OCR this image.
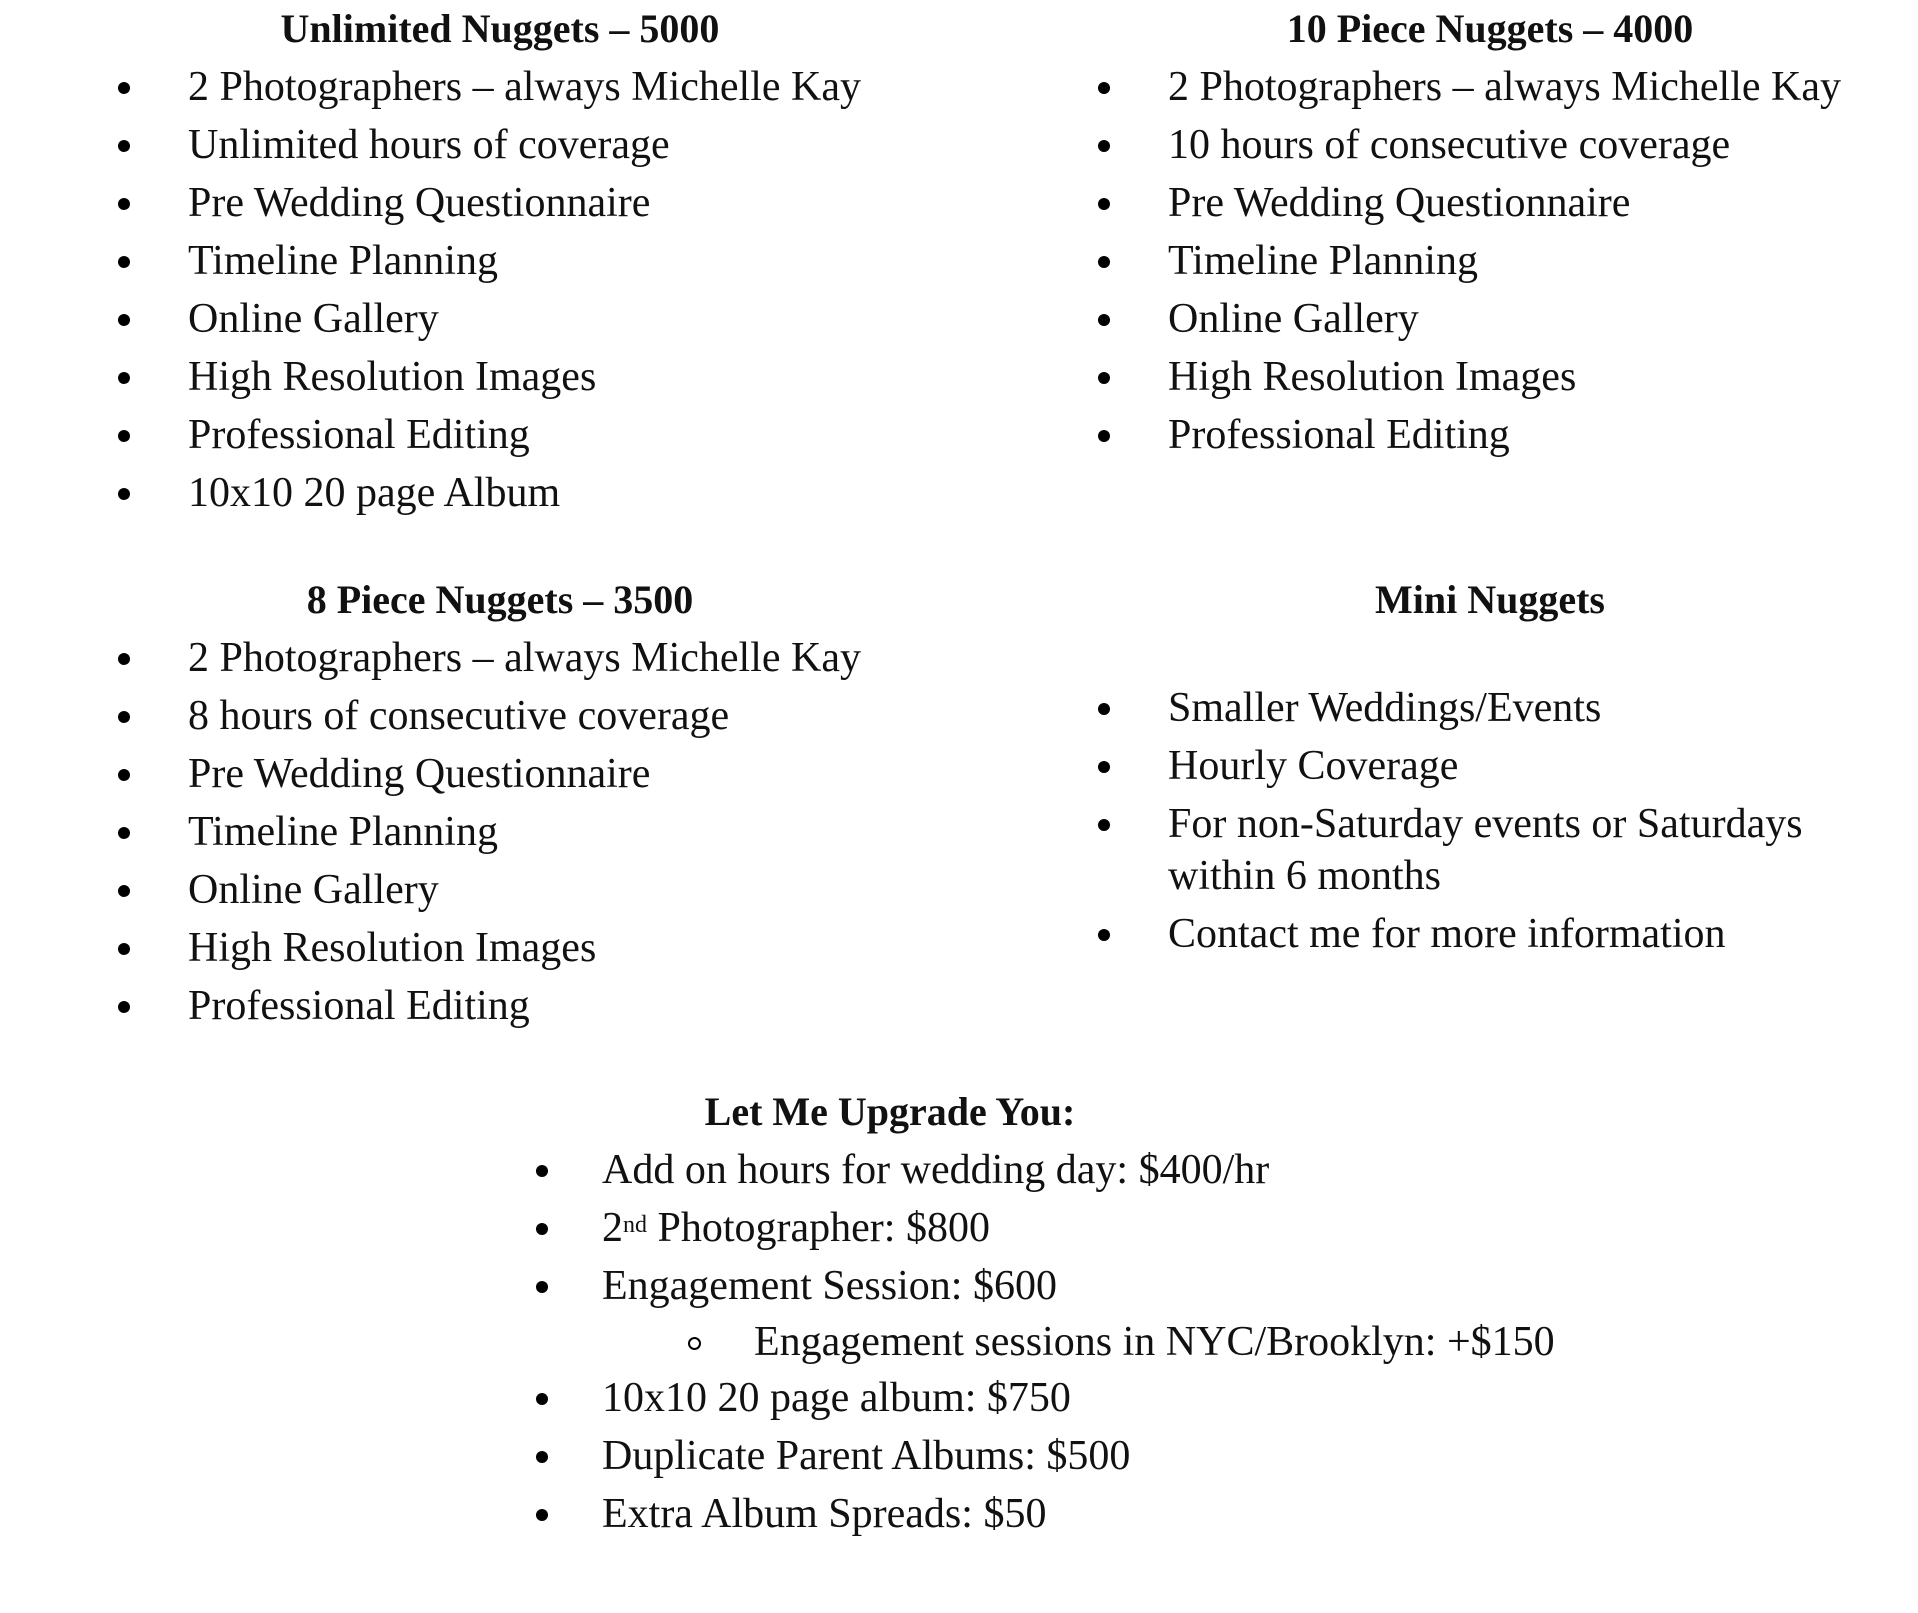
Unlimited Nuggets – 5000
2 Photographers – always Michelle Kay
Unlimited hours of coverage
Pre Wedding Questionnaire
Timeline Planning
Online Gallery
High Resolution Images
Professional Editing
10x10 20 page Album
10 Piece Nuggets – 4000
2 Photographers – always Michelle Kay
10 hours of consecutive coverage
Pre Wedding Questionnaire
Timeline Planning
Online Gallery
High Resolution Images
Professional Editing
8 Piece Nuggets – 3500
2 Photographers – always Michelle Kay
8 hours of consecutive coverage
Pre Wedding Questionnaire
Timeline Planning
Online Gallery
High Resolution Images
Professional Editing
Mini Nuggets
Smaller Weddings/Events
Hourly Coverage
For non-Saturday events or Saturdays within 6 months
Contact me for more information
Let Me Upgrade You:
Add on hours for wedding day: $400/hr
2nd Photographer: $800
Engagement Session: $600
Engagement sessions in NYC/Brooklyn: +$150
10x10 20 page album: $750
Duplicate Parent Albums: $500
Extra Album Spreads: $50
